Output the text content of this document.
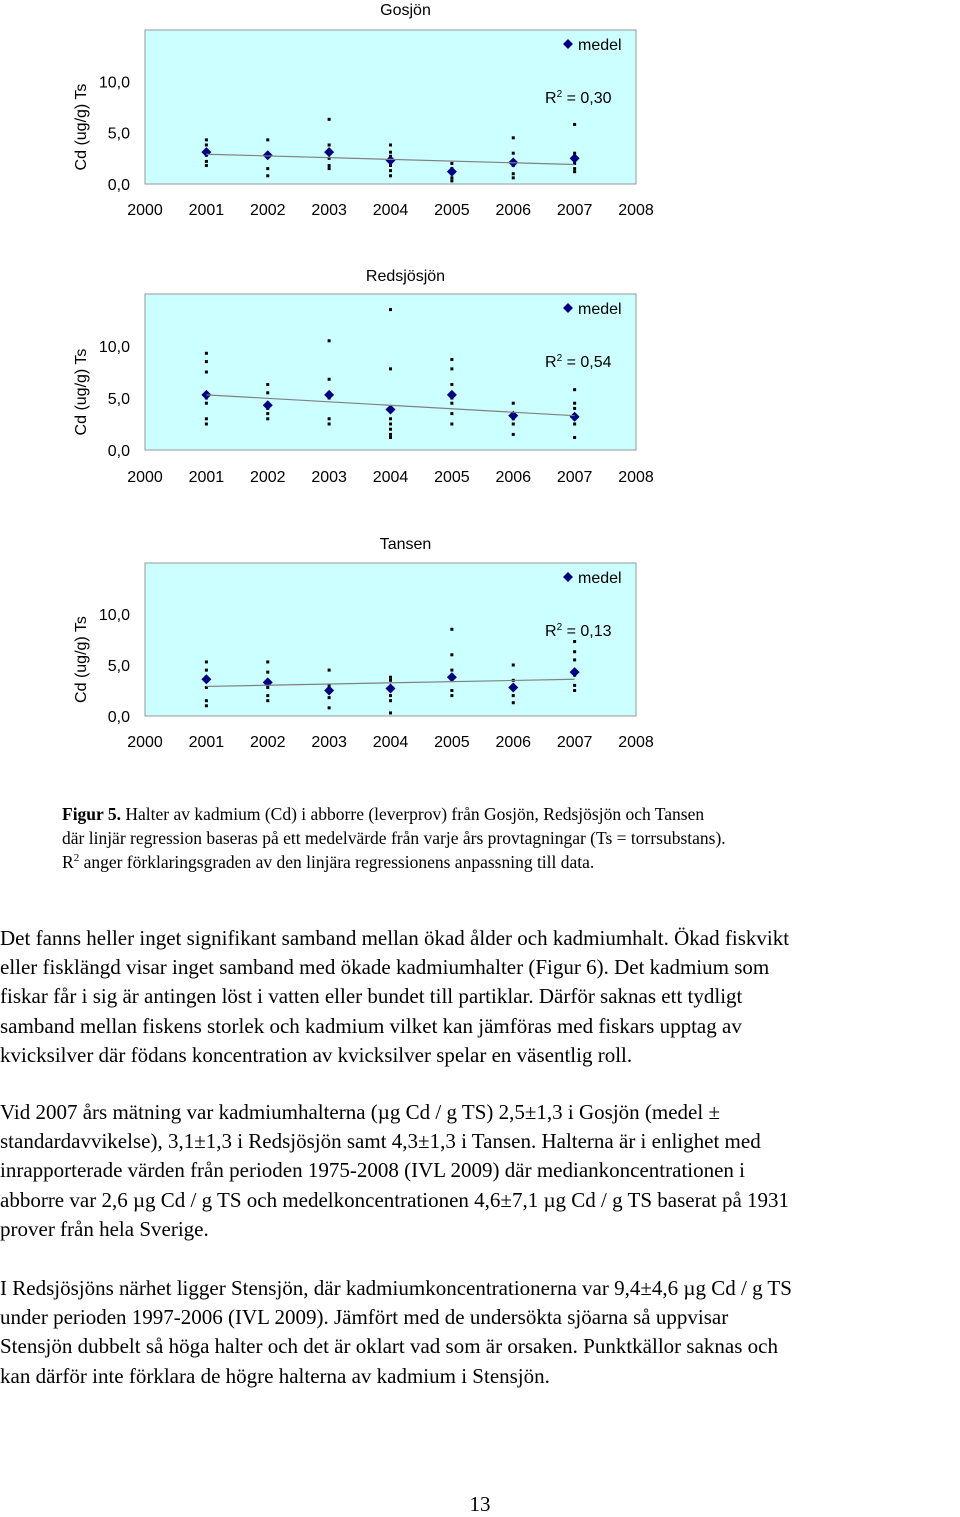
Gosjön
Cd (ug/g) Ts
0,0
5,0
10,0
2000 2001 2002 2003 2004 2005 2006 2007 2008
medel
$R^2 = 0,30$
Redsjösjön
Cd (ug/g) Ts
0,0
5,0
10,0
2000 2001 2002 2003 2004 2005 2006 2007 2008
medel
$R^2 = 0,54$
Tansen
Cd (ug/g) Ts
0,0
5,0
10,0
2000 2001 2002 2003 2004 2005 2006 2007 2008
medel
$R^2 = 0,13$
Figur 5. Halter av kadmium (Cd) i abborre (leverprov) från Gosjön, Redsjösjön och Tansen
där linjär regression baseras på ett medelvärde från varje års provtagningar (Ts = torrsubstans).
$R^2$ anger förklaringsgraden av den linjära regressionens anpassning till data.
Det fanns heller inget signifikant samband mellan ökad ålder och kadmiumhalt. Ökad fiskvikt
eller fisklängd visar inget samband med ökade kadmiumhalter (Figur 6). Det kadmium som
fiskar får i sig är antingen löst i vatten eller bundet till partiklar. Därför saknas ett tydligt
samband mellan fiskens storlek och kadmium vilket kan jämföras med fiskars upptag av
kvicksilver där födans koncentration av kvicksilver spelar en väsentlig roll.
Vid 2007 års mätning var kadmiumhalterna (µg Cd / g TS) 2,5±1,3 i Gosjön (medel ±
standardavvikelse), 3,1±1,3 i Redsjösjön samt 4,3±1,3 i Tansen. Halterna är i enlighet med
inrapporterade värden från perioden 1975-2008 (IVL 2009) där mediankoncentrationen i
abborre var 2,6 µg Cd / g TS och medelkoncentrationen 4,6±7,1 µg Cd / g TS baserat på 1931
prover från hela Sverige.
I Redsjösjöns närhet ligger Stensjön, där kadmiumkoncentrationerna var 9,4±4,6 µg Cd / g TS
under perioden 1997-2006 (IVL 2009). Jämfört med de undersökta sjöarna så uppvisar
Stensjön dubbelt så höga halter och det är oklart vad som är orsaken. Punktkällor saknas och
kan därför inte förklara de högre halterna av kadmium i Stensjön.
13
